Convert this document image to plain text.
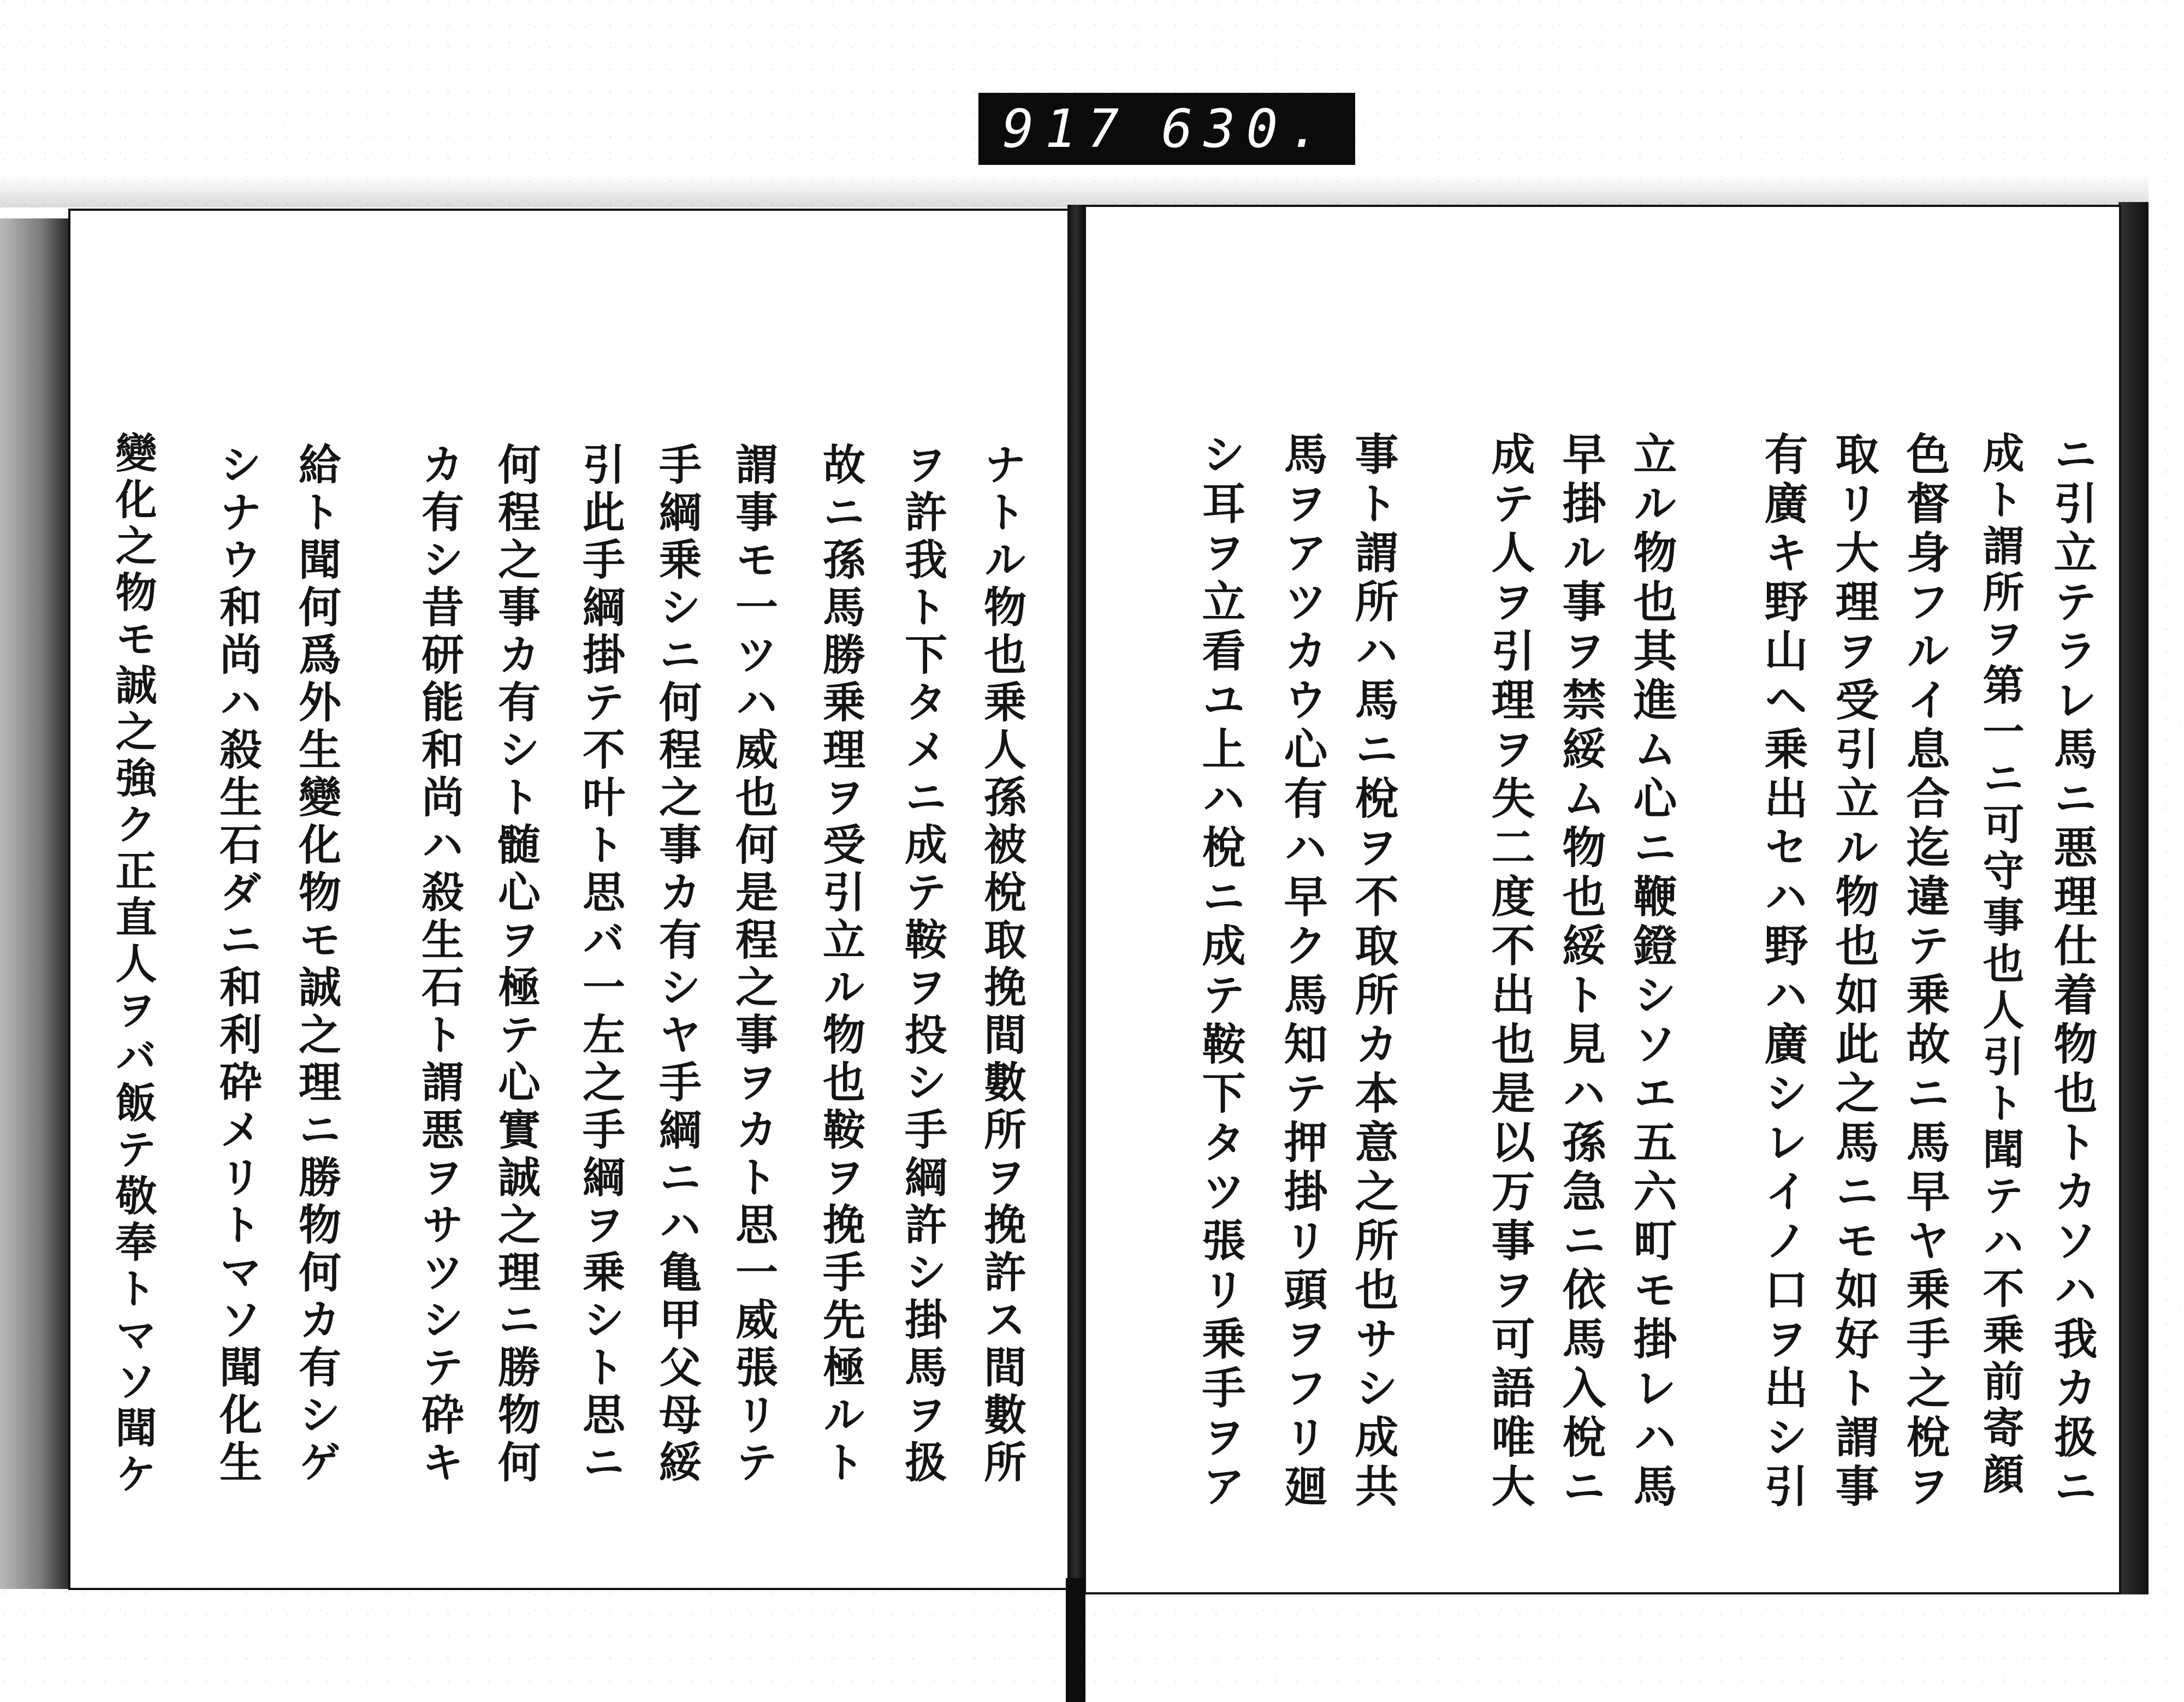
917 630.
ニ引立テラレ馬ニ悪理仕着物也トカソハ我カ扱ニ
成ト謂所ヲ第一ニ可守事也人引ト聞テハ不乗前寄顔
色督身フルイ息合迄違テ乗故ニ馬早ヤ乗手之梲ヲ
取リ大理ヲ受引立ル物也如此之馬ニモ如好ト謂事
有廣キ野山ヘ乗出セハ野ハ廣シレイノ口ヲ出シ引
立ル物也其進ム心ニ鞭鐙シソエ五六町モ掛レハ馬
早掛ル事ヲ禁綏ム物也綏ト見ハ孫急ニ依馬入梲ニ
成テ人ヲ引理ヲ失二度不出也是以万事ヲ可語唯大
事ト謂所ハ馬ニ梲ヲ不取所カ本意之所也サシ成共
馬ヲアツカウ心有ハ早ク馬知テ押掛リ頭ヲフリ廻
シ耳ヲ立看ユ上ハ梲ニ成テ鞍下タツ張リ乗手ヲア
ナトル物也乗人孫被梲取挽間數所ヲ挽許ス間數所
ヲ許我ト下タメニ成テ鞍ヲ投シ手綱許シ掛馬ヲ扱
故ニ孫馬勝乗理ヲ受引立ル物也鞍ヲ挽手先極ルト
謂事モ一ツハ威也何是程之事ヲカト思一威張リテ
手綱乗シニ何程之事カ有シヤ手綱ニハ亀甲父母綏
引此手綱掛テ不叶ト思バ一左之手綱ヲ乗シト思ニ
何程之事カ有シト髄心ヲ極テ心實誠之理ニ勝物何
カ有シ昔研能和尚ハ殺生石ト謂悪ヲサツシテ砕キ
給ト聞何爲外生變化物モ誠之理ニ勝物何カ有シゲ
シナウ和尚ハ殺生石ダニ和利砕メリトマソ聞化生
變化之物モ誠之強ク正直人ヲバ飯テ敬奉トマソ聞ケ
